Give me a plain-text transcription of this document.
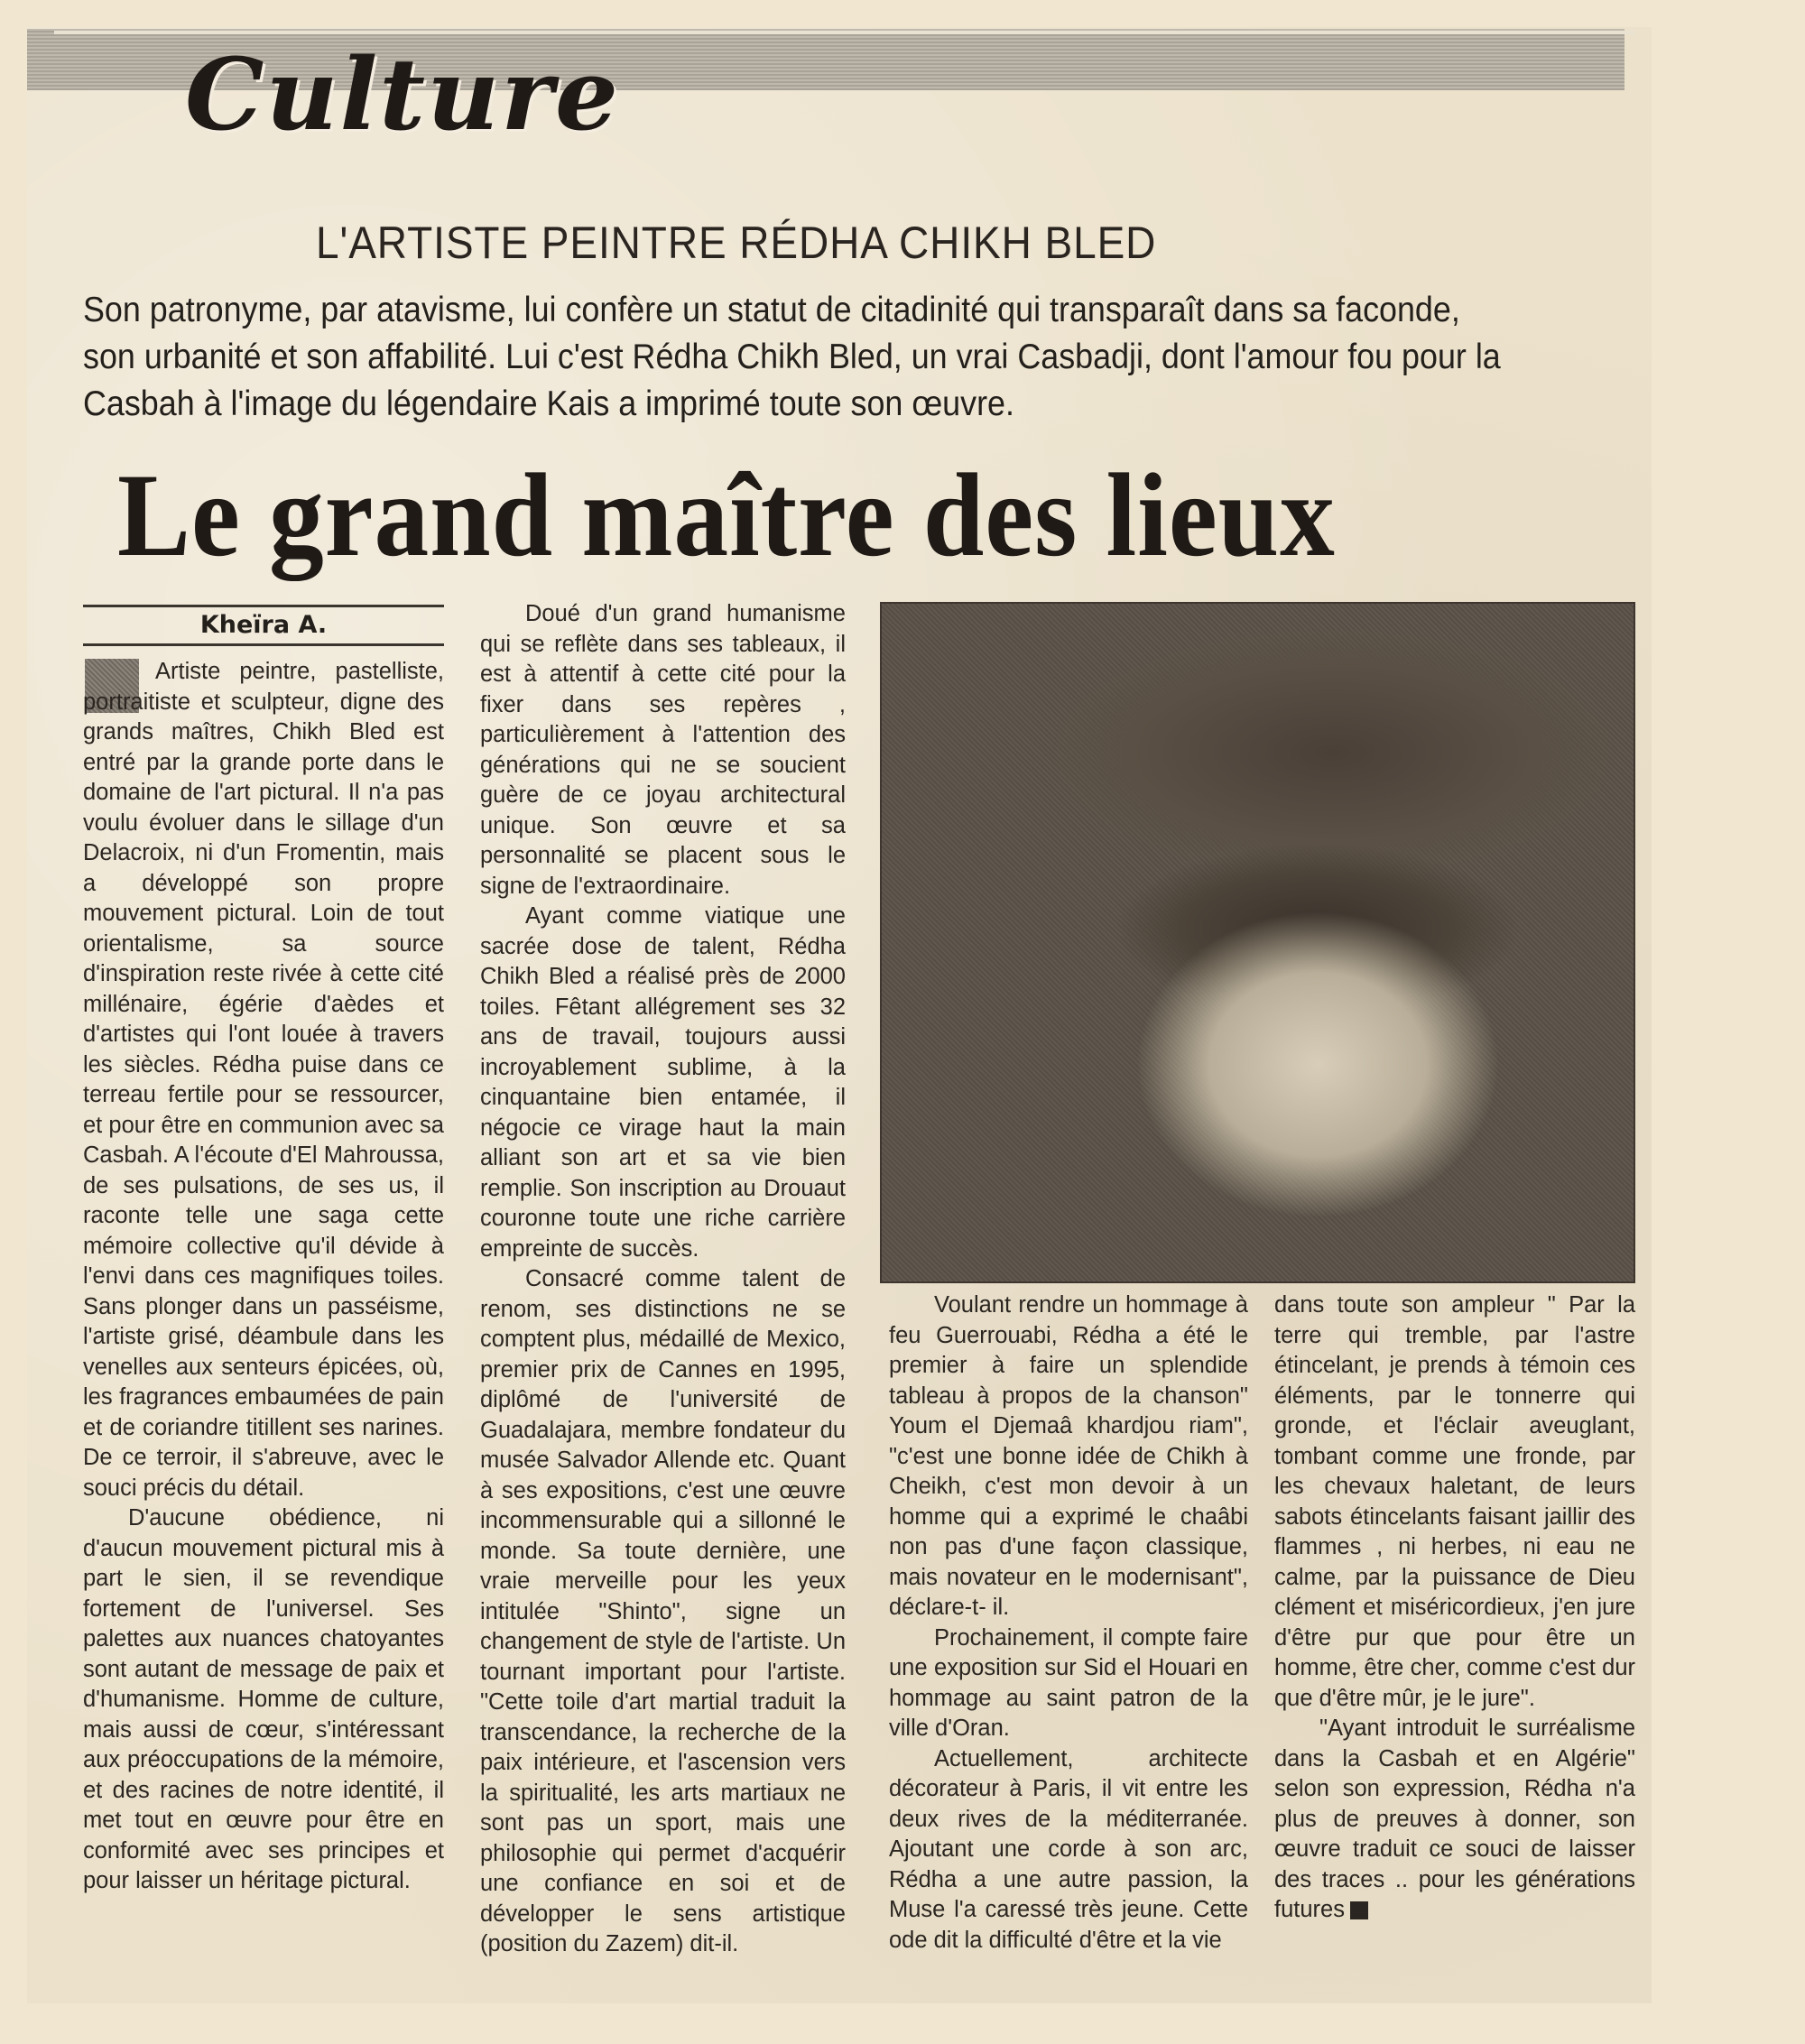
Culture
L'ARTISTE PEINTRE RÉDHA CHIKH BLED
Son patronyme, par atavisme, lui confère un statut de citadinité qui transparaît dans sa faconde, son urbanité et son affabilité. Lui c'est Rédha Chikh Bled, un vrai Casbadji, dont l'amour fou pour la Casbah à l'image du légendaire Kais a imprimé toute son œuvre.
Le grand maître des lieux
Kheïra A.

Artiste peintre, pastelliste, portraitiste et sculpteur, digne des grands maîtres, Chikh Bled est entré par la grande porte dans le domaine de l'art pictural. Il n'a pas voulu évoluer dans le sillage d'un Delacroix, ni d'un Fromentin, mais a développé son propre mouvement pictural. Loin de tout orientalisme, sa source d'inspiration reste rivée à cette cité millénaire, égérie d'aèdes et d'artistes qui l'ont louée à travers les siècles. Rédha puise dans ce terreau fertile pour se ressourcer, et pour être en communion avec sa Casbah. A l'écoute d'El Mahroussa, de ses pulsations, de ses us, il raconte telle une saga cette mémoire collective qu'il dévide à l'envi dans ces magnifiques toiles. Sans plonger dans un passéisme, l'artiste grisé, déambule dans les venelles aux senteurs épicées, où, les fragrances embaumées de pain et de coriandre titillent ses narines. De ce terroir, il s'abreuve, avec le souci précis du détail.

D'aucune obédience, ni d'aucun mouvement pictural mis à part le sien, il se revendique fortement de l'universel. Ses palettes aux nuances chatoyantes sont autant de message de paix et d'humanisme. Homme de culture, mais aussi de cœur, s'intéressant aux préoccupations de la mémoire, et des racines de notre identité, il met tout en œuvre pour être en conformité avec ses principes et pour laisser un héritage pictural.

Doué d'un grand humanisme qui se reflète dans ses tableaux, il est à attentif à cette cité pour la fixer dans ses repères , particulièrement à l'attention des générations qui ne se soucient guère de ce joyau architectural unique. Son œuvre et sa personnalité se placent sous le signe de l'extraordinaire.

Ayant comme viatique une sacrée dose de talent, Rédha Chikh Bled a réalisé près de 2000 toiles. Fêtant allégrement ses 32 ans de travail, toujours aussi incroyablement sublime, à la cinquantaine bien entamée, il négocie ce virage haut la main alliant son art et sa vie bien remplie. Son inscription au Drouaut couronne toute une riche carrière empreinte de succès.

Consacré comme talent de renom, ses distinctions ne se comptent plus, médaillé de Mexico, premier prix de Cannes en 1995, diplômé de l'université de Guadalajara, membre fondateur du musée Salvador Allende etc. Quant à ses expositions, c'est une œuvre incommensurable qui a sillonné le monde. Sa toute dernière, une vraie merveille pour les yeux intitulée "Shinto", signe un changement de style de l'artiste. Un tournant important pour l'artiste. "Cette toile d'art martial traduit la transcendance, la recherche de la paix intérieure, et l'ascension vers la spiritualité, les arts martiaux ne sont pas un sport, mais une philosophie qui permet d'acquérir une confiance en soi et de développer le sens artistique (position du Zazem) dit-il.

Voulant rendre un hommage à feu Guerrouabi, Rédha a été le premier à faire un splendide tableau à propos de la chanson" Youm el Djemaâ khardjou riam", "c'est une bonne idée de Chikh à Cheikh, c'est mon devoir à un homme qui a exprimé le chaâbi non pas d'une façon classique, mais novateur en le modernisant", déclare-t- il.

Prochainement, il compte faire une exposition sur Sid el Houari en hommage au saint patron de la ville d'Oran.

Actuellement, architecte décorateur à Paris, il vit entre les deux rives de la méditerranée. Ajoutant une corde à son arc, Rédha a une autre passion, la Muse l'a caressé très jeune. Cette ode dit la difficulté d'être et la vie

dans toute son ampleur " Par la terre qui tremble, par l'astre étincelant, je prends à témoin ces éléments, par le tonnerre qui gronde, et l'éclair aveuglant, tombant comme une fronde, par les chevaux haletant, de leurs sabots étincelants faisant jaillir des flammes , ni herbes, ni eau ne calme, par la puissance de Dieu clément et miséricordieux, j'en jure d'être pur que pour être un homme, être cher, comme c'est dur que d'être mûr, je le jure".

"Ayant introduit le surréalisme dans la Casbah et en Algérie" selon son expression, Rédha n'a plus de preuves à donner, son œuvre traduit ce souci de laisser des traces .. pour les générations futures
